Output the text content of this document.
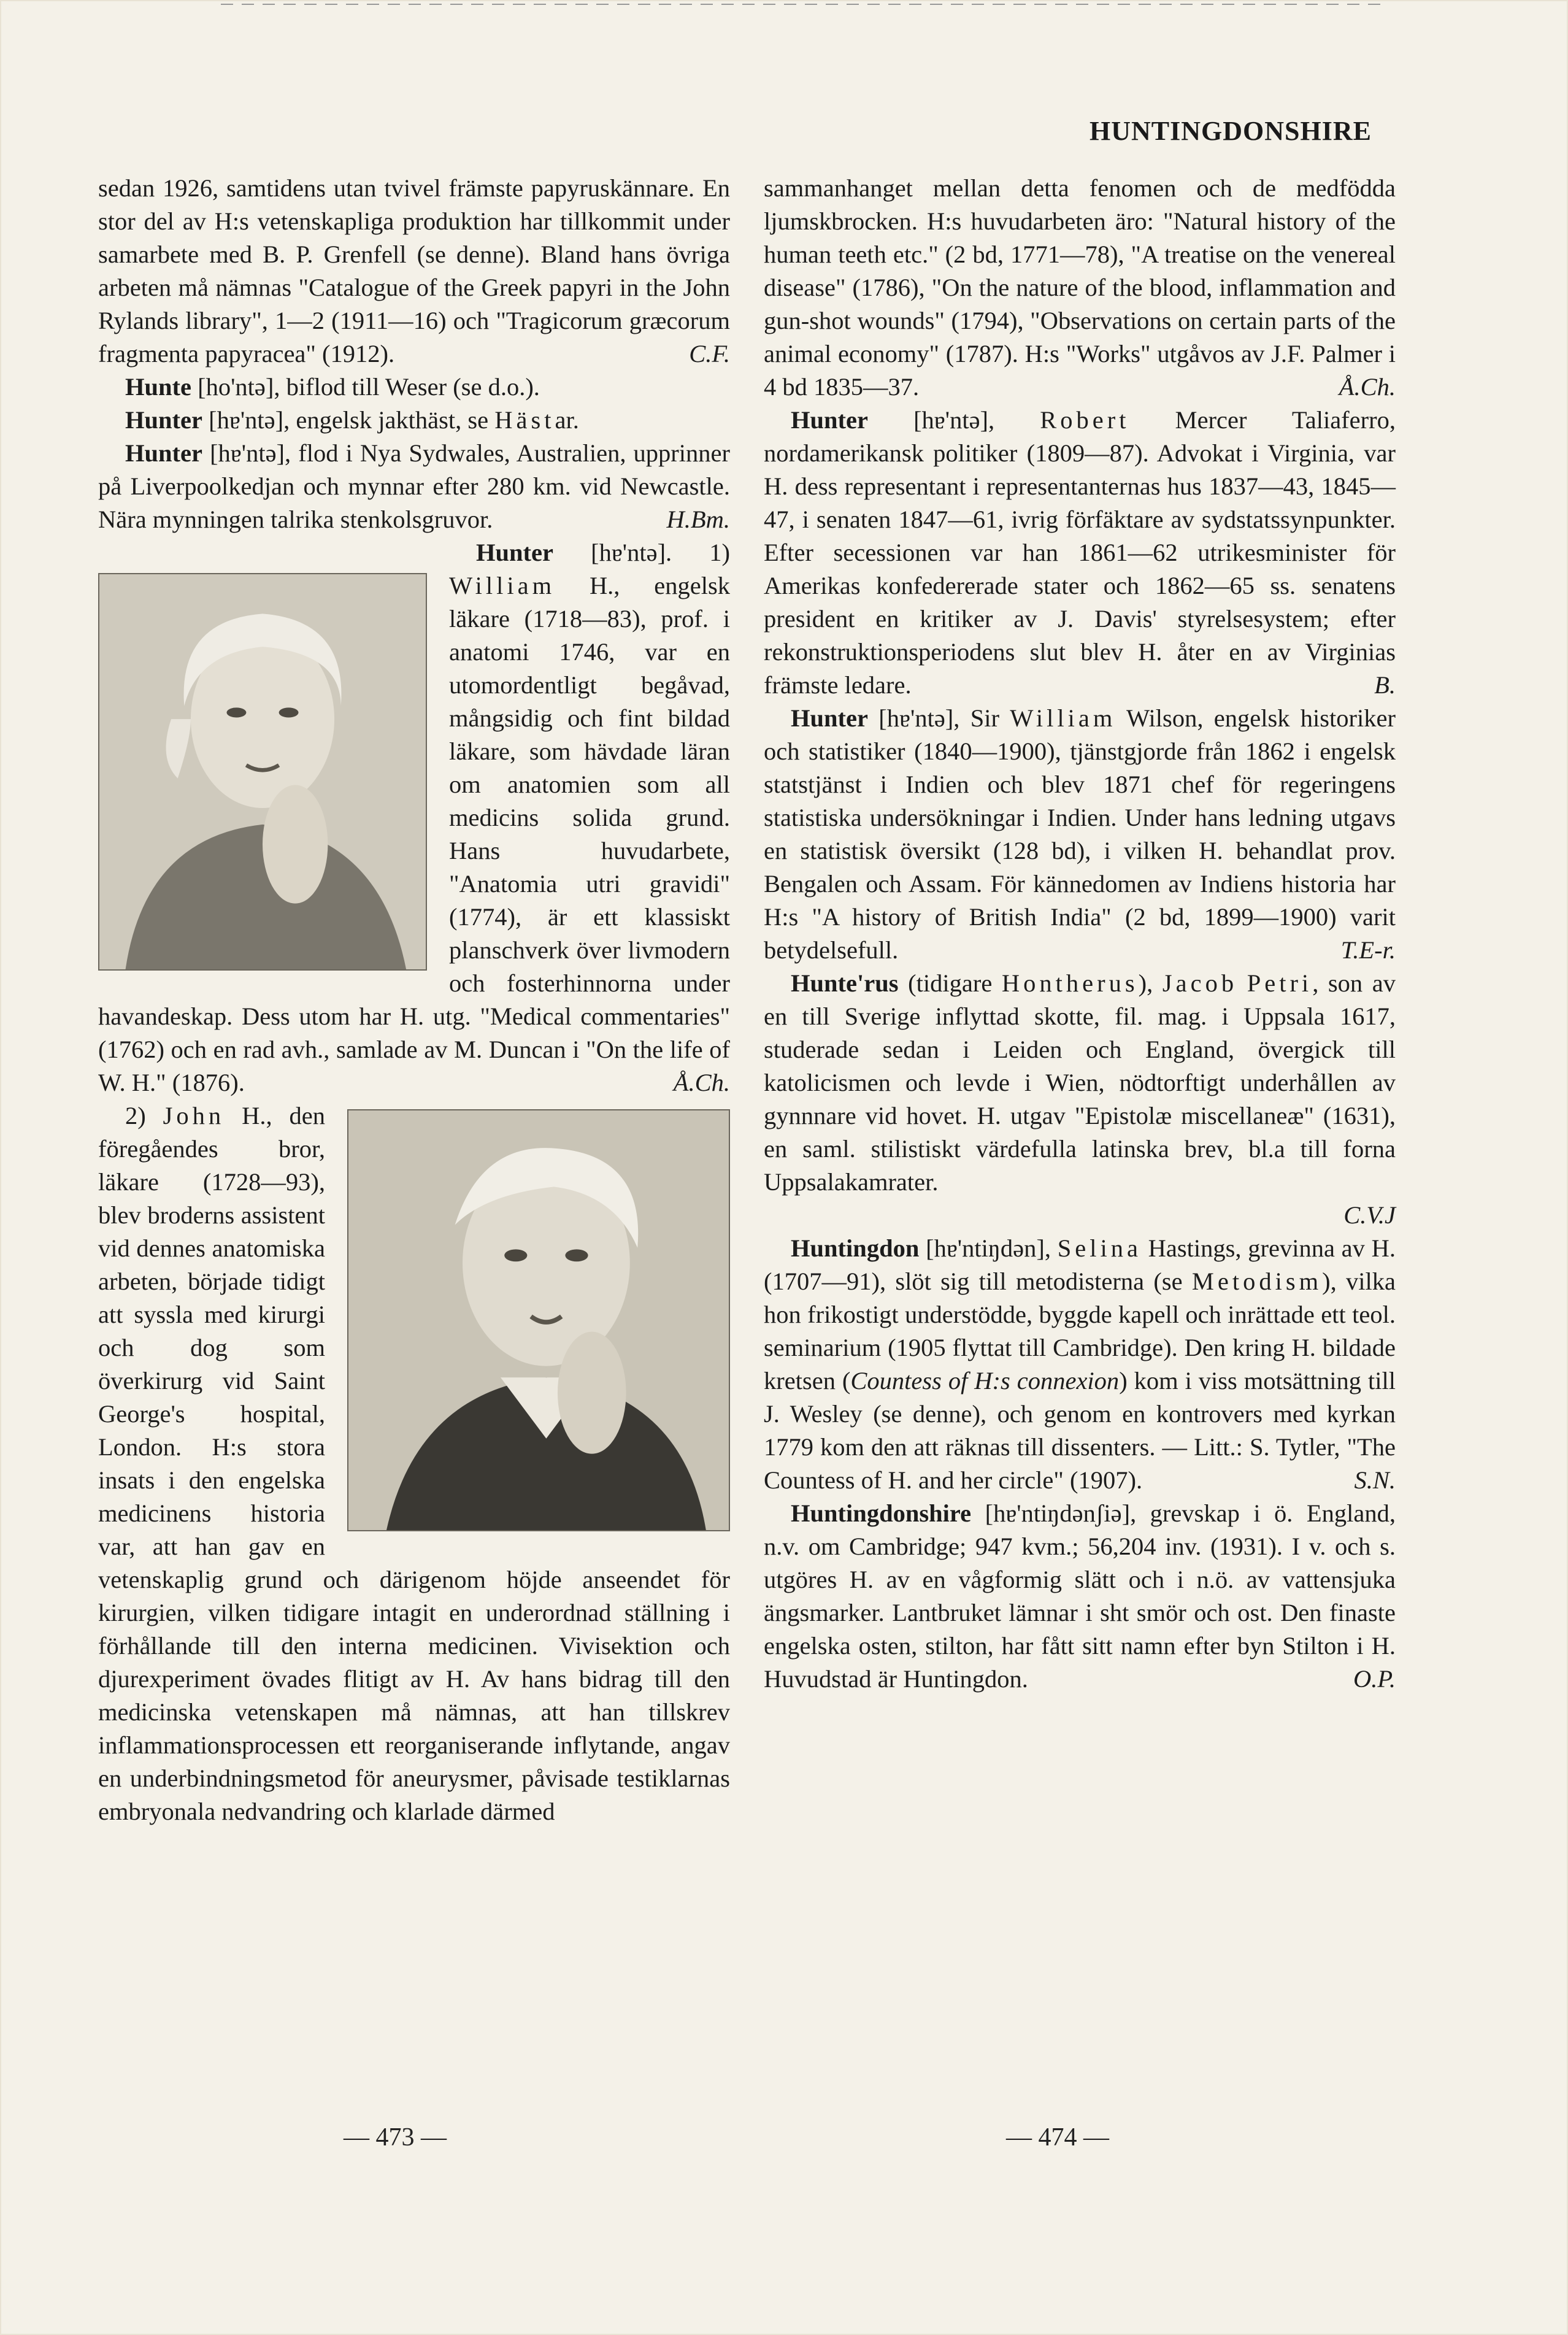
HUNTINGDONSHIRE

sedan 1926, samtidens utan tvivel främste papyruskännare. En stor del av H:s vetenskapliga produktion har tillkommit under samarbete med B. P. Grenfell (se denne). Bland hans övriga arbeten må nämnas "Catalogue of the Greek papyri in the John Rylands library", 1—2 (1911—16) och "Tragicorum græcorum fragmenta papyracea" (1912).	C.F.

Hunte [ho'ntə], biflod till Weser (se d.o.).

Hunter [hɐ'ntə], engelsk jakthäst, se Hästar.

Hunter [hɐ'ntə], flod i Nya Sydwales, Australien, upprinner på Liverpoolkedjan och mynnar efter 280 km. vid Newcastle. Nära mynningen talrika stenkolsgruvor.	H.Bm.

Hunter [hɐ'ntə]. 1) William H., engelsk läkare (1718—83), prof. i anatomi 1746, var en utomordentligt begåvad, mångsidig och fint bildad läkare, som hävdade läran om anatomien som all medicins solida grund. Hans huvudarbete, "Anatomia utri gravidi" (1774), är ett klassiskt planschverk över livmodern och fosterhinnorna under havandeskap. Dess utom har H. utg. "Medical commentaries"(1762) och en rad avh., samlade av M. Duncan i "On the life of W. H." (1876).	Å.Ch.

2) John H., den föregåendes bror, läkare (1728—93), blev broderns assistent vid dennes anatomiska arbeten, började tidigt att syssla med kirurgi och dog som överkirurg vid Saint George's hospital, London. H:s stora insats i den engelska medicinens historia var, att han gav en vetenskaplig grund och därigenom höjde anseendet för kirurgien, vilken tidigare intagit en underordnad ställning i förhållande till den interna medicinen. Vivisektion och djurexperiment övades flitigt av H. Av hans bidrag till den medicinska vetenskapen må nämnas, att han tillskrev inflammationsprocessen ett reorganiserande inflytande, angav en underbindningsmetod för aneurysmer, påvisade testiklarnas embryonala nedvandring och klarlade därmed

sammanhanget mellan detta fenomen och de medfödda ljumskbrocken. H:s huvudarbeten äro: "Natural history of the human teeth etc." (2 bd, 1771—78), "A treatise on the venereal disease" (1786), "On the nature of the blood, inflammation and gun-shot wounds" (1794), "Observations on certain parts of the animal economy" (1787). H:s "Works" utgåvos av J.F. Palmer i 4 bd 1835—37.	Å.Ch.

Hunter [hɐ'ntə], Robert Mercer Taliaferro, nordamerikansk politiker (1809—87). Advokat i Virginia, var H. dess representant i representanternas hus 1837—43, 1845—47, i senaten 1847—61, ivrig förfäktare av sydstatssynpunkter. Efter secessionen var han 1861—62 utrikesminister för Amerikas konfedererade stater och 1862—65 ss. senatens president en kritiker av J. Davis' styrelsesystem; efter rekonstruktionsperiodens slut blev H. åter en av Virginias främste ledare.	B.

Hunter [hɐ'ntə], Sir William Wilson, engelsk historiker och statistiker (1840—1900), tjänstgjorde från 1862 i engelsk statstjänst i Indien och blev 1871 chef för regeringens statistiska undersökningar i Indien. Under hans ledning utgavs en statistisk översikt (128 bd), i vilken H. behandlat prov. Bengalen och Assam. För kännedomen av Indiens historia har H:s "A history of British India" (2 bd, 1899—1900) varit betydelsefull.	T.E-r.

Hunte'rus (tidigare Hontherus), Jacob Petri, son av en till Sverige inflyttad skotte, fil. mag. i Uppsala 1617, studerade sedan i Leiden och England, övergick till katolicismen och levde i Wien, nödtorftigt underhållen av gynnnare vid hovet. H. utgav "Epistolæ miscellaneæ" (1631), en saml. stilistiskt värdefulla latinska brev, bl.a till forna Uppsalakamrater.

C.V.J

Huntingdon [hɐ'ntiŋdən], Selina Hastings, grevinna av H. (1707—91), slöt sig till metodisterna (se Metodism), vilka hon frikostigt understödde, byggde kapell och inrättade ett teol. seminarium (1905 flyttat till Cambridge). Den kring H. bildade kretsen (Countess of H:s connexion) kom i viss motsättning till J. Wesley (se denne), och genom en kontrovers med kyrkan 1779 kom den att räknas till dissenters. — Litt.: S. Tytler, "The Countess of H. and her circle" (1907).	S.N.

Huntingdonshire [hɐ'ntiŋdənʃiə], grevskap i ö. England, n.v. om Cambridge; 947 kvm.; 56,204 inv. (1931). I v. och s. utgöres H. av en vågformig slätt och i n.ö. av vattensjuka ängsmarker. Lantbruket lämnar i sht smör och ost. Den finaste engelska osten, stilton, har fått sitt namn efter byn Stilton i H. Huvudstad är Huntingdon.	O.P.

— 473 —	— 474 —
